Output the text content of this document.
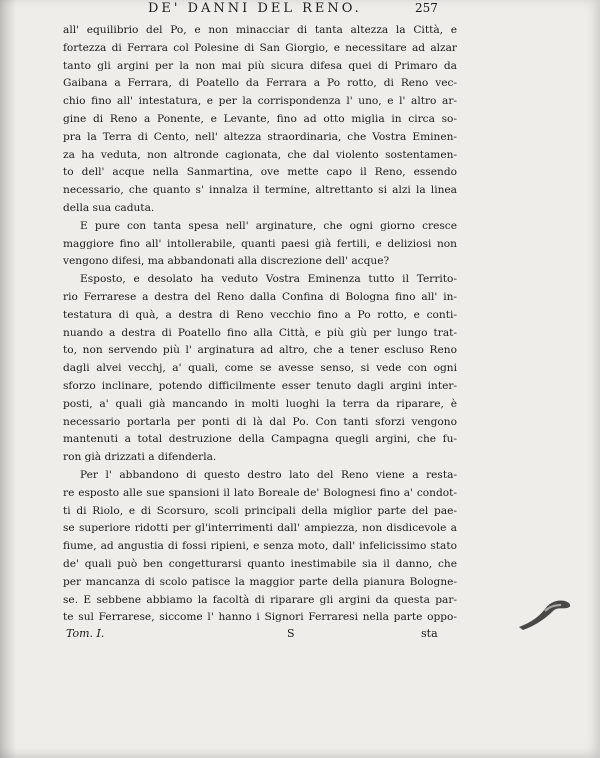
DE' DANNI DEL RENO.	257
all' equilibrio del Po, e non minacciar di tanta altezza la Città, e
fortezza di Ferrara col Polesine di San Giorgio, e necessitare ad alzar
tanto gli argini per la non mai più sicura difesa quei di Primaro da
Gaibana a Ferrara, di Poatello da Ferrara a Po rotto, di Reno vec-
chio fino all' intestatura, e per la corrispondenza l' uno, e l' altro ar-
gine di Reno a Ponente, e Levante, fino ad otto miglia in circa so-
pra la Terra di Cento, nell' altezza straordinaria, che Vostra Eminen-
za ha veduta, non altronde cagionata, che dal violento sostentamen-
to dell' acque nella Sanmartina, ove mette capo il Reno, essendo
necessario, che quanto s' innalza il termine, altrettanto si alzi la linea
della sua caduta.
E pure con tanta spesa nell' arginature, che ogni giorno cresce
maggiore fino all' intollerabile, quanti paesi già fertili, e deliziosi non
vengono difesi, ma abbandonati alla discrezione dell' acque?
Esposto, e desolato ha veduto Vostra Eminenza tutto il Territo-
rio Ferrarese a destra del Reno dalla Confina di Bologna fino all' in-
testatura di quà, a destra di Reno vecchio fino a Po rotto, e conti-
nuando a destra di Poatello fino alla Città, e più giù per lungo trat-
to, non servendo più l' arginatura ad altro, che a tener escluso Reno
dagli alvei vecchj, a' quali, come se avesse senso, si vede con ogni
sforzo inclinare, potendo difficilmente esser tenuto dagli argini inter-
posti, a' quali già mancando in molti luoghi la terra da riparare, è
necessario portarla per ponti di là dal Po. Con tanti sforzi vengono
mantenuti a total destruzione della Campagna quegli argini, che fu-
ron già drizzati a difenderla.
Per l' abbandono di questo destro lato del Reno viene a resta-
re esposto alle sue spansioni il lato Boreale de' Bolognesi fino a' condot-
ti di Riolo, e di Scorsuro, scoli principali della miglior parte del pae-
se superiore ridotti per gl'interrimenti dall' ampiezza, non disdicevole a
fiume, ad angustia di fossi ripieni, e senza moto, dall' infelicissimo stato
de' quali può ben congetturarsi quanto inestimabile sia il danno, che
per mancanza di scolo patisce la maggior parte della pianura Bologne-
se. E sebbene abbiamo la facoltà di riparare gli argini da questa par-
te sul Ferrarese, siccome l' hanno i Signori Ferraresi nella parte oppo-
Tom. I.	S	sta
